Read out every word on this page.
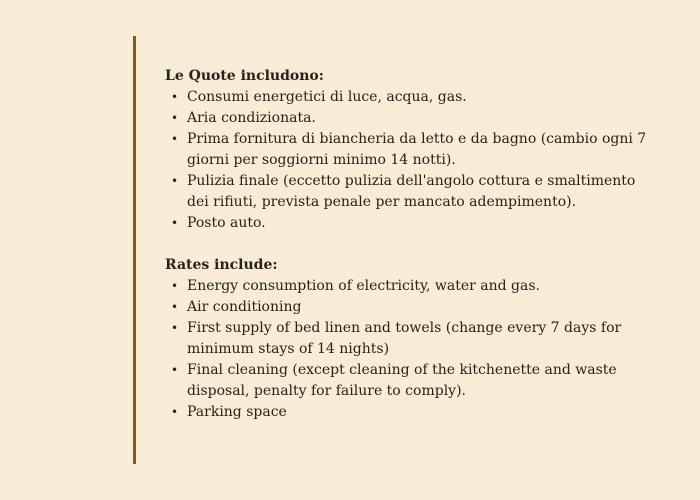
Le Quote includono:

• Consumi energetici di luce, acqua, gas.
• Aria condizionata.
• Prima fornitura di biancheria da letto e da bagno (cambio ogni 7 giorni per soggiorni minimo 14 notti).
• Pulizia finale (eccetto pulizia dell'angolo cottura e smaltimento dei rifiuti, prevista penale per mancato adempimento).
• Posto auto.

Rates include:

• Energy consumption of electricity, water and gas.
• Air conditioning
• First supply of bed linen and towels (change every 7 days for minimum stays of 14 nights)
• Final cleaning (except cleaning of the kitchenette and waste disposal, penalty for failure to comply).
• Parking space
